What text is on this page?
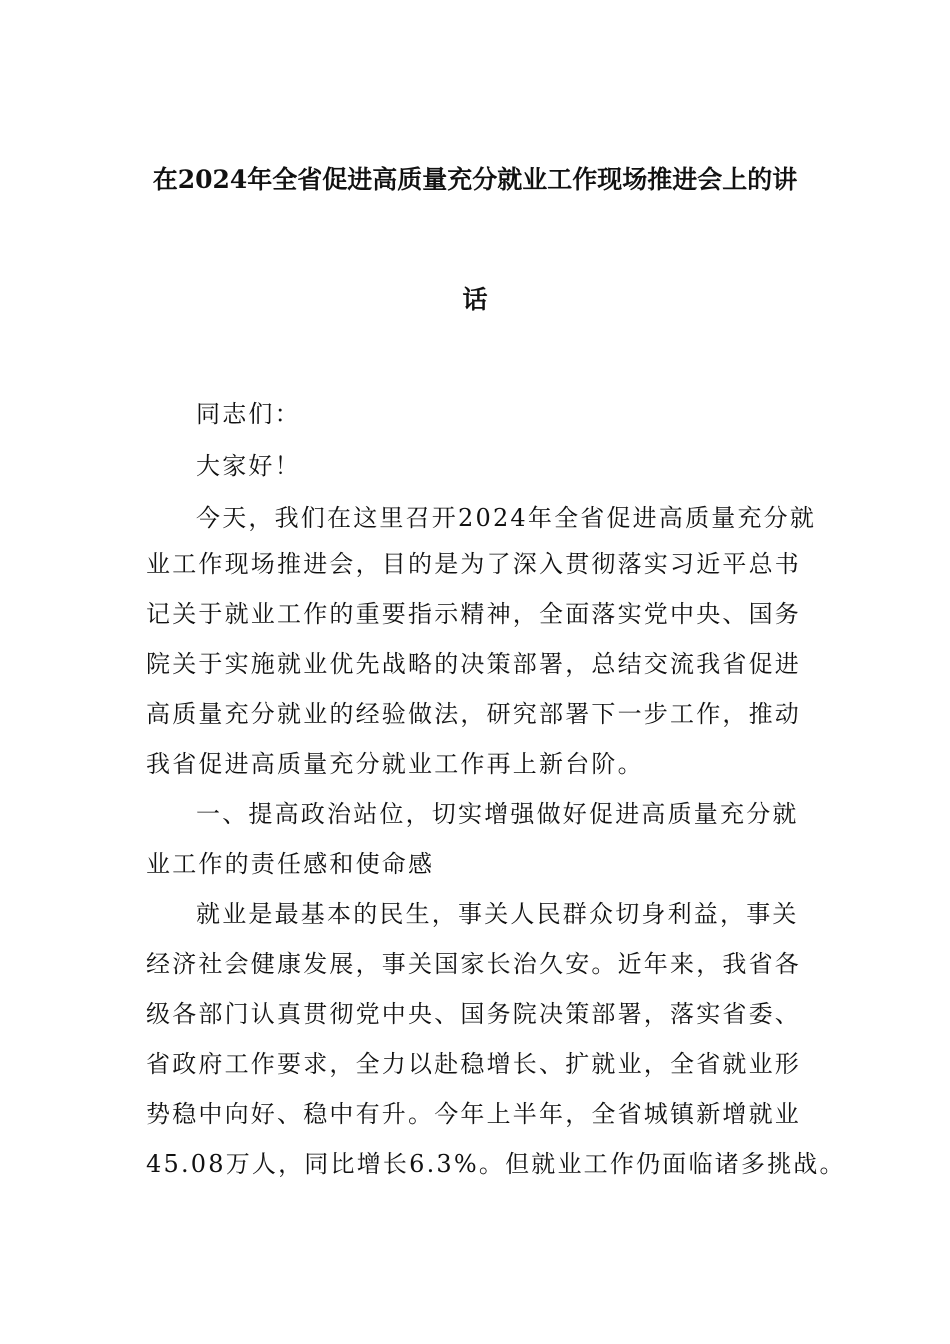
在2024年全省促进高质量充分就业工作现场推进会上的讲
话
同志们：
大家好！
今天，我们在这里召开2024年全省促进高质量充分就
业工作现场推进会，目的是为了深入贯彻落实习近平总书
记关于就业工作的重要指示精神，全面落实党中央、国务
院关于实施就业优先战略的决策部署，总结交流我省促进
高质量充分就业的经验做法，研究部署下一步工作，推动
我省促进高质量充分就业工作再上新台阶。
一、提高政治站位，切实增强做好促进高质量充分就
业工作的责任感和使命感
就业是最基本的民生，事关人民群众切身利益，事关
经济社会健康发展，事关国家长治久安。近年来，我省各
级各部门认真贯彻党中央、国务院决策部署，落实省委、
省政府工作要求，全力以赴稳增长、扩就业，全省就业形
势稳中向好、稳中有升。今年上半年，全省城镇新增就业
45.08万人，同比增长6.3%。但就业工作仍面临诸多挑战。
